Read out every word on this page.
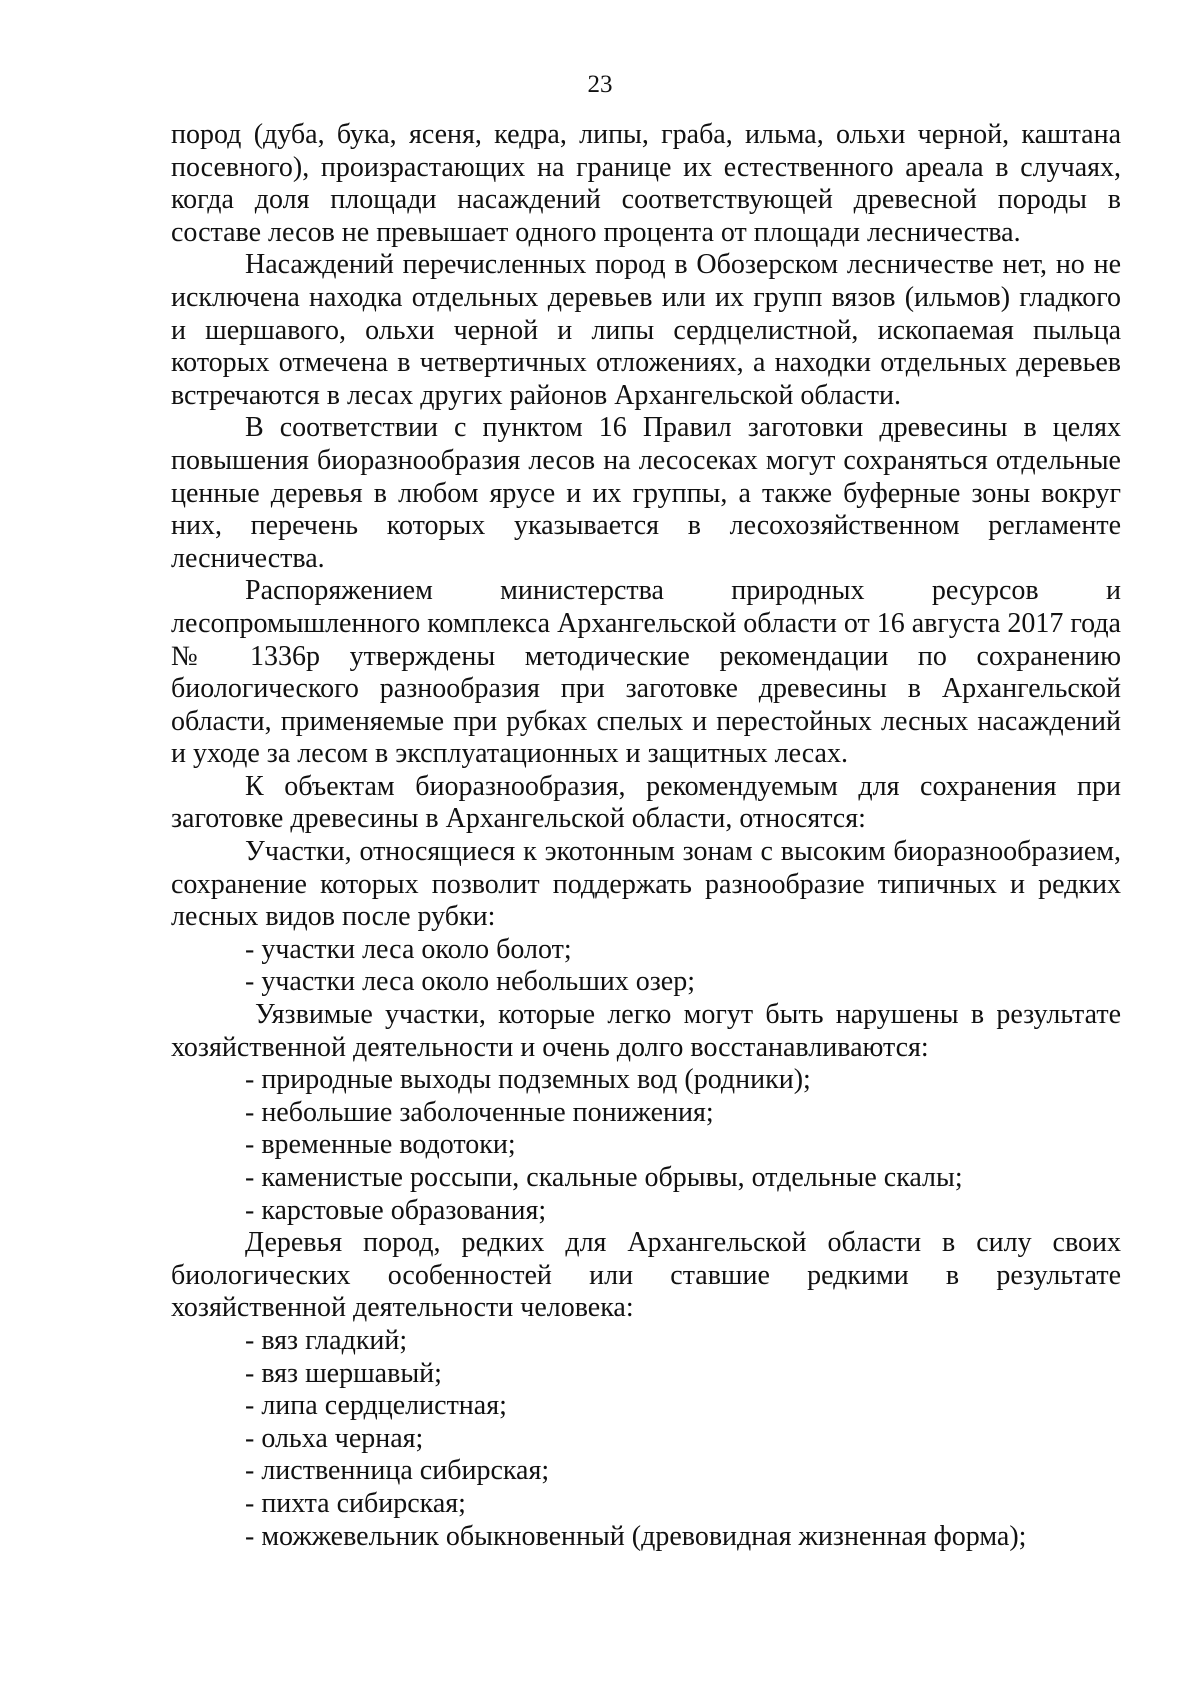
23

пород (дуба, бука, ясеня, кедра, липы, граба, ильма, ольхи черной, каштана посевного), произрастающих на границе их естественного ареала в случаях, когда доля площади насаждений соответствующей древесной породы в составе лесов не превышает одного процента от площади лесничества.

Насаждений перечисленных пород в Обозерском лесничестве нет, но не исключена находка отдельных деревьев или их групп вязов (ильмов) гладкого и шершавого, ольхи черной и липы сердцелистной, ископаемая пыльца которых отмечена в четвертичных отложениях, а находки отдельных деревьев встречаются в лесах других районов Архангельской области.

В соответствии с пунктом 16 Правил заготовки древесины в целях повышения биоразнообразия лесов на лесосеках могут сохраняться отдельные ценные деревья в любом ярусе и их группы, а также буферные зоны вокруг них, перечень которых указывается в лесохозяйственном регламенте лесничества.

Распоряжением министерства природных ресурсов и лесопромышленного комплекса Архангельской области от 16 августа 2017 года № 1336р утверждены методические рекомендации по сохранению биологического разнообразия при заготовке древесины в Архангельской области, применяемые при рубках спелых и перестойных лесных насаждений и уходе за лесом в эксплуатационных и защитных лесах.

К объектам биоразнообразия, рекомендуемым для сохранения при заготовке древесины в Архангельской области, относятся:

Участки, относящиеся к экотонным зонам с высоким биоразнообразием, сохранение которых позволит поддержать разнообразие типичных и редких лесных видов после рубки:

- участки леса около болот;

- участки леса около небольших озер;

Уязвимые участки, которые легко могут быть нарушены в результате хозяйственной деятельности и очень долго восстанавливаются:

- природные выходы подземных вод (родники);

- небольшие заболоченные понижения;

- временные водотоки;

- каменистые россыпи, скальные обрывы, отдельные скалы;

- карстовые образования;

Деревья пород, редких для Архангельской области в силу своих биологических особенностей или ставшие редкими в результате хозяйственной деятельности человека:

- вяз гладкий;

- вяз шершавый;

- липа сердцелистная;

- ольха черная;

- лиственница сибирская;

- пихта сибирская;

- можжевельник обыкновенный (древовидная жизненная форма);
